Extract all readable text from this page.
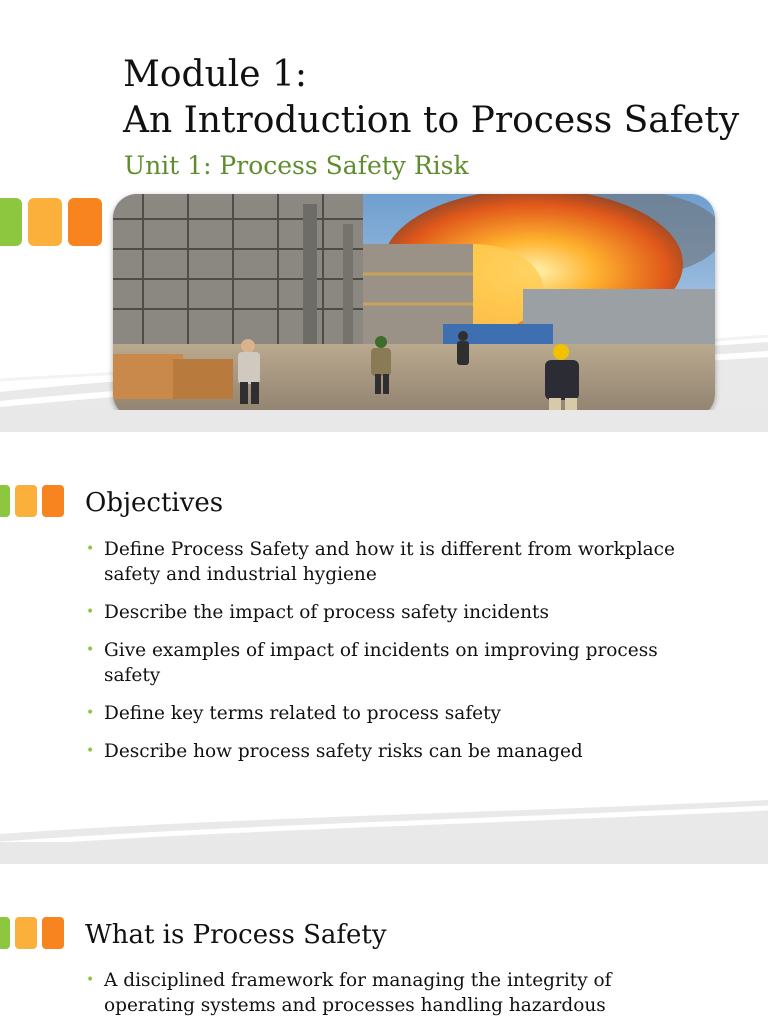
Module 1:
An Introduction to Process Safety
Unit 1: Process Safety Risk
Objectives
• Define Process Safety and how it is different from workplace safety and industrial hygiene
• Describe the impact of process safety incidents
• Give examples of impact of incidents on improving process safety
• Define key terms related to process safety
• Describe how process safety risks can be managed
What is Process Safety
• A disciplined framework for managing the integrity of operating systems and processes handling hazardous
